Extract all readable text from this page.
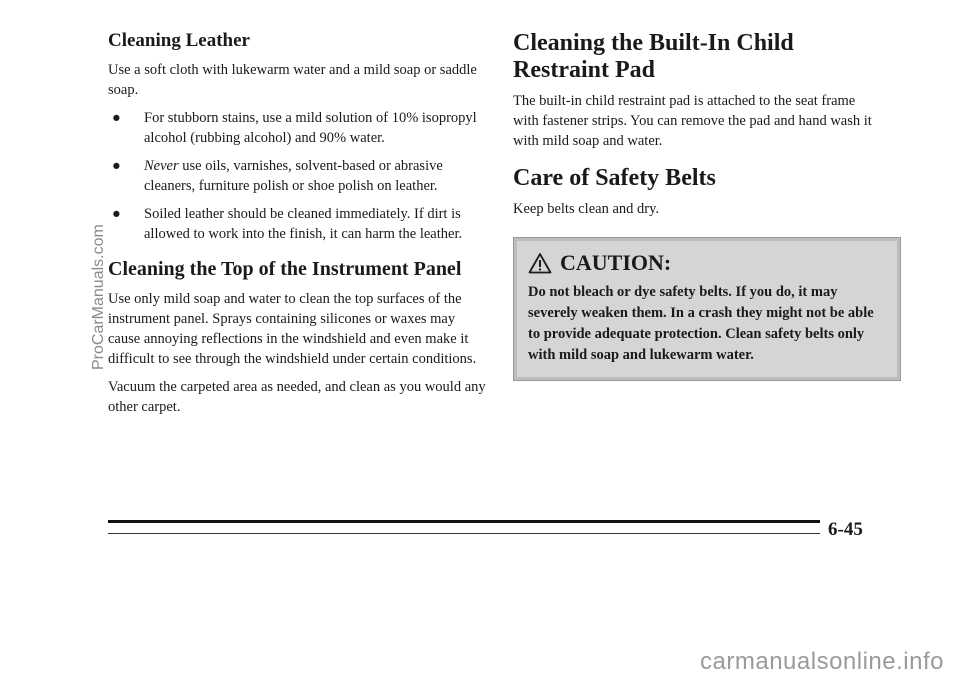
Cleaning Leather

Use a soft cloth with lukewarm water and a mild soap or saddle soap.

● For stubborn stains, use a mild solution of 10% isopropyl alcohol (rubbing alcohol) and 90% water.
● Never use oils, varnishes, solvent-based or abrasive cleaners, furniture polish or shoe polish on leather.
● Soiled leather should be cleaned immediately. If dirt is allowed to work into the finish, it can harm the leather.
Cleaning the Top of the Instrument Panel

Use only mild soap and water to clean the top surfaces of the instrument panel. Sprays containing silicones or waxes may cause annoying reflections in the windshield and even make it difficult to see through the windshield under certain conditions.

Vacuum the carpeted area as needed, and clean as you would any other carpet.

Cleaning the Built-In Child Restraint Pad

The built-in child restraint pad is attached to the seat frame with fastener strips. You can remove the pad and hand wash it with mild soap and water.

Care of Safety Belts

Keep belts clean and dry.

CAUTION:
Do not bleach or dye safety belts. If you do, it may severely weaken them. In a crash they might not be able to provide adequate protection. Clean safety belts only with mild soap and lukewarm water.
6-45
ProCarManuals.com
carmanualsonline.info
